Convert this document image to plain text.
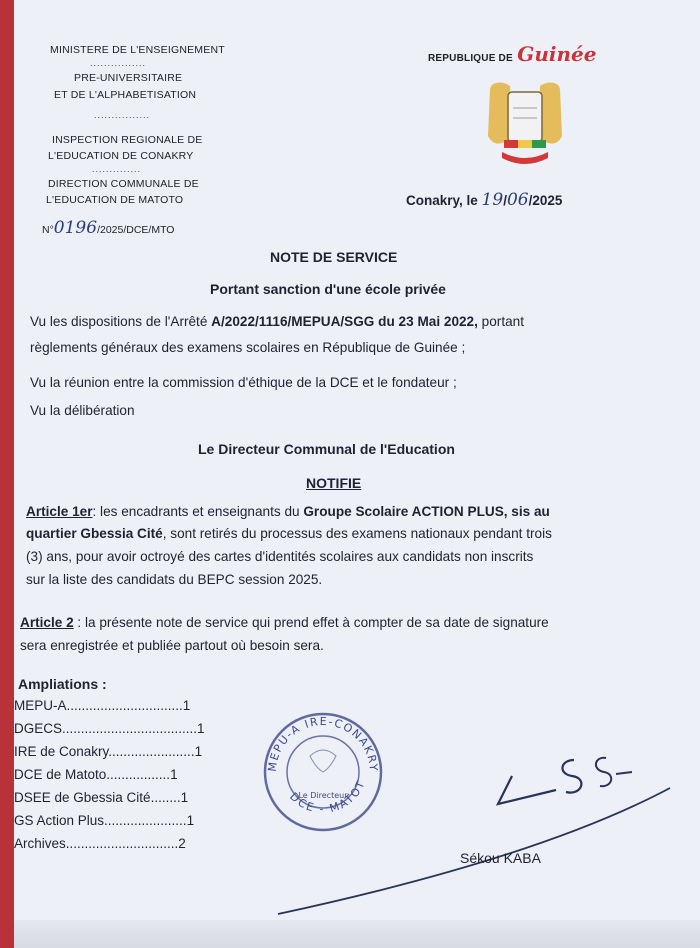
MINISTERE DE L'ENSEIGNEMENT
................
PRE-UNIVERSITAIRE
ET DE L'ALPHABETISATION
................
INSPECTION REGIONALE DE
L'EDUCATION DE CONAKRY
..............
DIRECTION COMMUNALE DE
L'EDUCATION DE MATOTO
N°0196/2025/DCE/MTO
REPUBLIQUE DE Guinée
Conakry, le 19/06/2025
NOTE DE SERVICE
Portant sanction d'une école privée
Vu les dispositions de l'Arrêté A/2022/1116/MEPUA/SGG du 23 Mai 2022, portant
règlements généraux des examens scolaires en République de Guinée ;
Vu la réunion entre la commission d'éthique de la DCE et le fondateur ;
Vu la délibération
Le Directeur Communal de l'Education
NOTIFIE
Article 1er: les encadrants et enseignants du Groupe Scolaire ACTION PLUS, sis au
quartier Gbessia Cité, sont retirés du processus des examens nationaux pendant trois
(3) ans, pour avoir octroyé des cartes d'identités scolaires aux candidats non inscrits
sur la liste des candidats du BEPC session 2025.
Article 2 : la présente note de service qui prend effet à compter de sa date de signature
sera enregistrée et publiée partout où besoin sera.
Ampliations :
MEPU-A...............................1
DGECS....................................1
IRE de Conakry.......................1
DCE de Matoto.................1
DSEE de Gbessia Cité........1
GS Action Plus......................1
Archives..............................2
MEPU-A IRE-CONAKRY
DCE - MATOT
Le Directeur
Sékou KABA
